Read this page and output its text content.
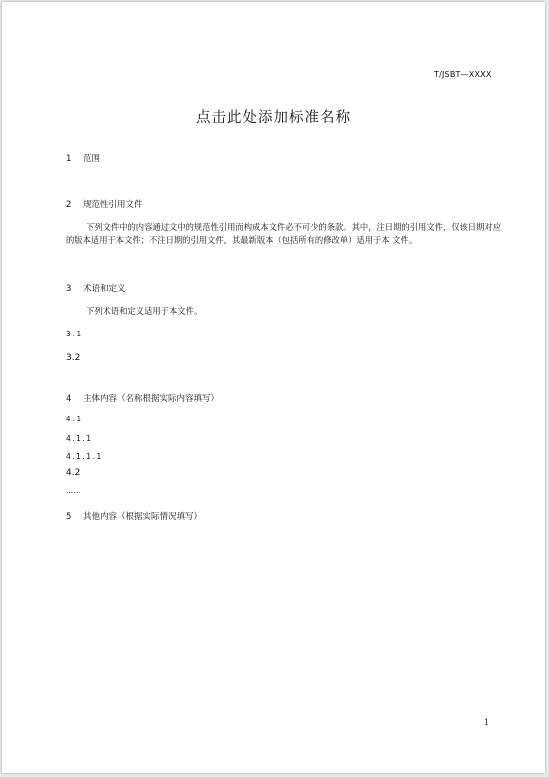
T/JSBT—XXXX
点击此处添加标准名称
1 范围
2 规范性引用文件
下列文件中的内容通过文中的规范性引用而构成本文件必不可少的条款。其中，注日期的引用文件，仅该日期对应的版本适用于本文件；不注日期的引用文件，其最新版本（包括所有的修改单）适用于本 文件。
3 术语和定义
下列术语和定义适用于本文件。
3.1
3.2
4 主体内容（名称根据实际内容填写）
4.1
4.1.1
4.1.1.1
4.2
……
5 其他内容（根据实际情况填写）
1
